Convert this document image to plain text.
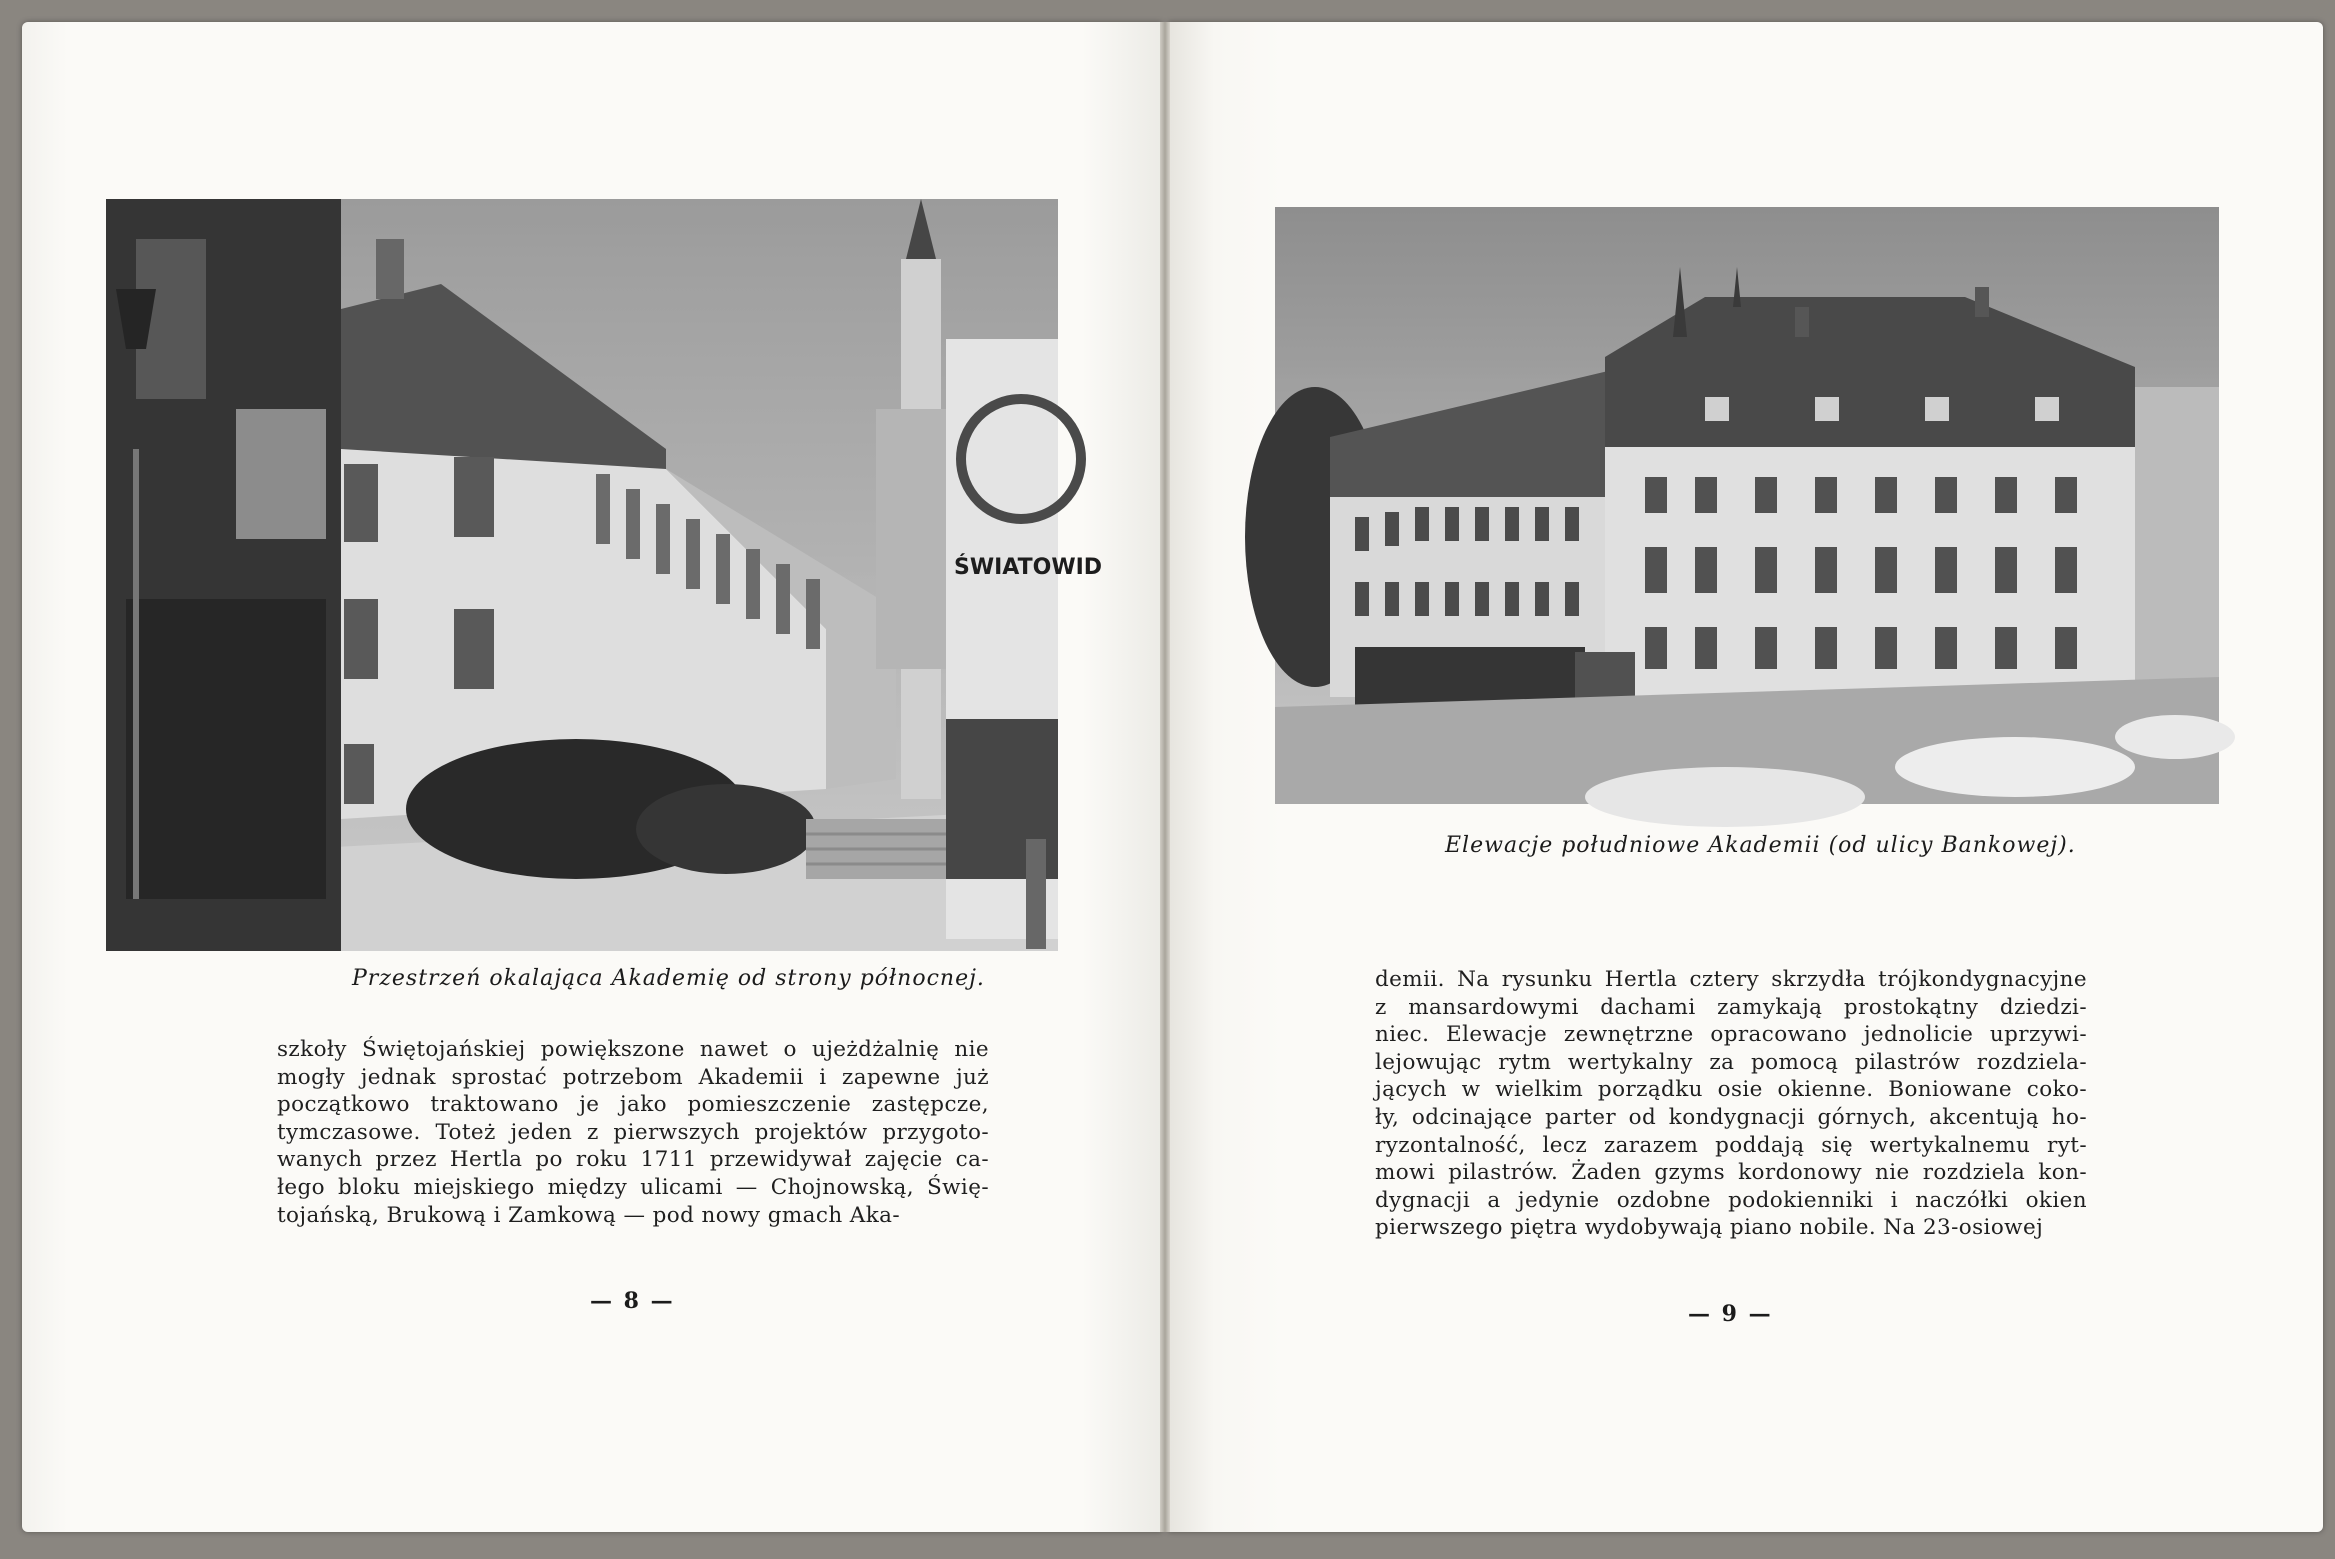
ŚWIATOWID
Przestrzeń okalająca Akademię od strony północnej.
szkoły Świętojańskiej powiększone nawet o ujeżdżalnię nie
mogły jednak sprostać potrzebom Akademii i zapewne już
początkowo traktowano je jako pomieszczenie zastępcze,
tymczasowe. Toteż jeden z pierwszych projektów przygoto-
wanych przez Hertla po roku 1711 przewidywał zajęcie ca-
łego bloku miejskiego między ulicami — Chojnowską, Świę-
tojańską, Brukową i Zamkową — pod nowy gmach Aka-
— 8 —
Elewacje południowe Akademii (od ulicy Bankowej).
demii. Na rysunku Hertla cztery skrzydła trójkondygnacyjne
z mansardowymi dachami zamykają prostokątny dziedzi-
niec. Elewacje zewnętrzne opracowano jednolicie uprzywi-
lejowując rytm wertykalny za pomocą pilastrów rozdziela-
jących w wielkim porządku osie okienne. Boniowane coko-
ły, odcinające parter od kondygnacji górnych, akcentują ho-
ryzontalność, lecz zarazem poddają się wertykalnemu ryt-
mowi pilastrów. Żaden gzyms kordonowy nie rozdziela kon-
dygnacji a jedynie ozdobne podokienniki i naczółki okien
pierwszego piętra wydobywają piano nobile. Na 23-osiowej
— 9 —
